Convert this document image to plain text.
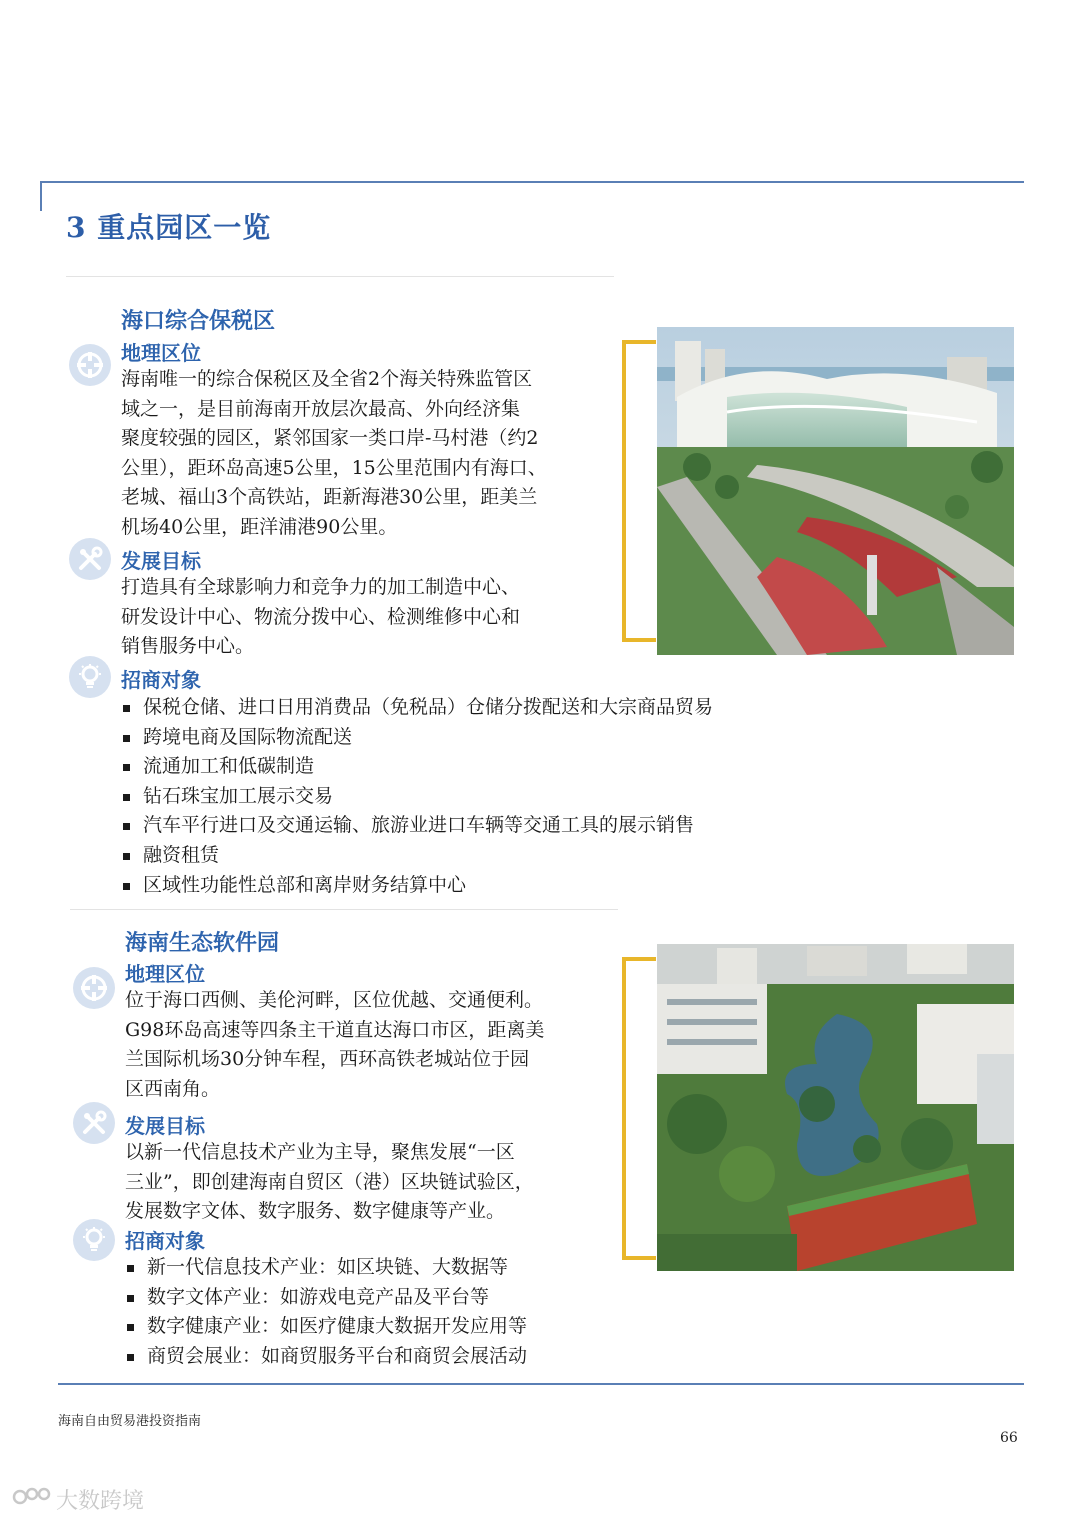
3 重点园区一览
海口综合保税区
地理区位
海南唯一的综合保税区及全省2个海关特殊监管区
域之一，是目前海南开放层次最高、外向经济集
聚度较强的园区，紧邻国家一类口岸-马村港（约2
公里），距环岛高速5公里，15公里范围内有海口、
老城、福山3个高铁站，距新海港30公里，距美兰
机场40公里，距洋浦港90公里。
发展目标
打造具有全球影响力和竞争力的加工制造中心、
研发设计中心、物流分拨中心、检测维修中心和
销售服务中心。
招商对象
保税仓储、进口日用消费品（免税品）仓储分拨配送和大宗商品贸易
跨境电商及国际物流配送
流通加工和低碳制造
钻石珠宝加工展示交易
汽车平行进口及交通运输、旅游业进口车辆等交通工具的展示销售
融资租赁
区域性功能性总部和离岸财务结算中心
海南生态软件园
地理区位
位于海口西侧、美伦河畔，区位优越、交通便利。
G98环岛高速等四条主干道直达海口市区，距离美
兰国际机场30分钟车程，西环高铁老城站位于园
区西南角。
发展目标
以新一代信息技术产业为主导，聚焦发展“一区
三业”，即创建海南自贸区（港）区块链试验区，
发展数字文体、数字服务、数字健康等产业。
招商对象
新一代信息技术产业：如区块链、大数据等
数字文体产业：如游戏电竞产品及平台等
数字健康产业：如医疗健康大数据开发应用等
商贸会展业：如商贸服务平台和商贸会展活动
海南自由贸易港投资指南
66
大数跨境
